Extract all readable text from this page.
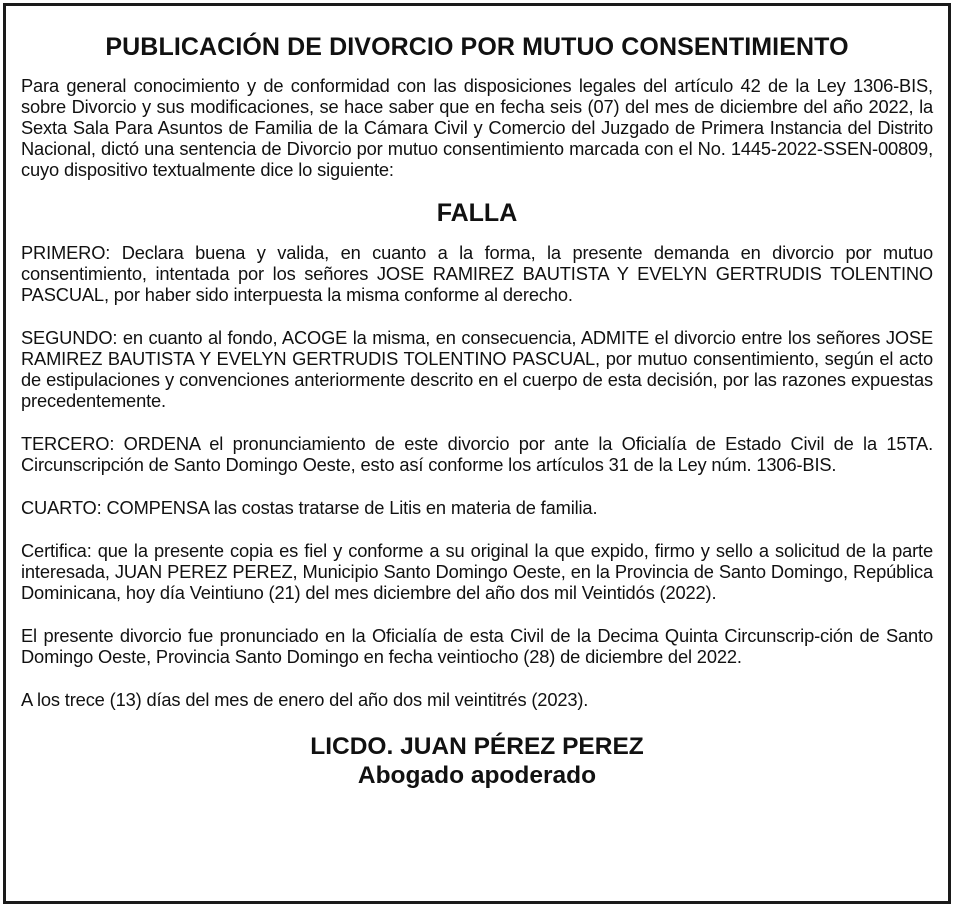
PUBLICACIÓN DE DIVORCIO POR MUTUO CONSENTIMIENTO

Para general conocimiento y de conformidad con las disposiciones legales del artículo 42 de la Ley 1306-BIS, sobre Divorcio y sus modificaciones, se hace saber que en fecha seis (07) del mes de diciembre del año 2022, la Sexta Sala Para Asuntos de Familia de la Cámara Civil y Comercio del Juzgado de Primera Instancia del Distrito Nacional, dictó una sentencia de Divorcio por mutuo consentimiento marcada con el No. 1445-2022-SSEN-00809, cuyo dispositivo textualmente dice lo siguiente:

FALLA

PRIMERO: Declara buena y valida, en cuanto a la forma, la presente demanda en divorcio por mutuo consentimiento, intentada por los señores JOSE RAMIREZ BAUTISTA Y EVELYN GERTRUDIS TOLENTINO PASCUAL, por haber sido interpuesta la misma conforme al derecho.

SEGUNDO: en cuanto al fondo, ACOGE la misma, en consecuencia, ADMITE el divorcio entre los señores JOSE RAMIREZ BAUTISTA Y EVELYN GERTRUDIS TOLENTINO PASCUAL, por mutuo consentimiento, según el acto de estipulaciones y convenciones anteriormente descrito en el cuerpo de esta decisión, por las razones expuestas precedentemente.

TERCERO: ORDENA el pronunciamiento de este divorcio por ante la Oficialía de Estado Civil de la 15TA. Circunscripción de Santo Domingo Oeste, esto así conforme los artículos 31 de la Ley núm. 1306-BIS.

CUARTO: COMPENSA las costas tratarse de Litis en materia de familia.

Certifica: que la presente copia es fiel y conforme a su original la que expido, firmo y sello a solicitud de la parte interesada, JUAN PEREZ PEREZ, Municipio Santo Domingo Oeste, en la Provincia de Santo Domingo, República Dominicana, hoy día Veintiuno (21) del mes diciembre del año dos mil Veintidós (2022).

El presente divorcio fue pronunciado en la Oficialía de esta Civil de la Decima Quinta Circunscrip-ción de Santo Domingo Oeste, Provincia Santo Domingo en fecha veintiocho (28) de diciembre del 2022.

A los trece (13) días del mes de enero del año dos mil veintitrés (2023).

LICDO. JUAN PÉREZ PEREZ
Abogado apoderado
